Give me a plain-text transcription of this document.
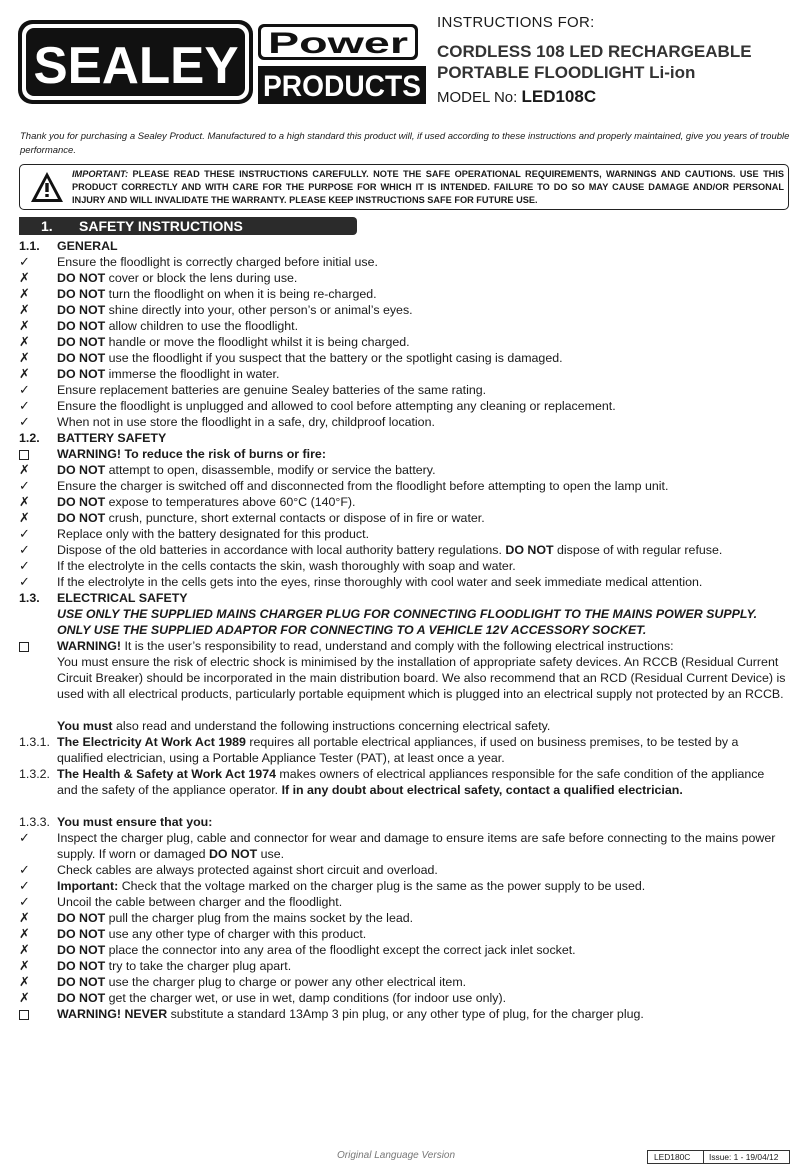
SEALEY Power
PRODUCTS
INSTRUCTIONS FOR:
CORDLESS 108 LED RECHARGEABLE
PORTABLE FLOODLIGHT Li-ion
MODEL No: LED108C
Thank you for purchasing a Sealey Product. Manufactured to a high standard this product will, if used according to these instructions and properly maintained, give you years of trouble performance.
IMPORTANT: PLEASE READ THESE INSTRUCTIONS CAREFULLY. NOTE THE SAFE OPERATIONAL REQUIREMENTS, WARNINGS AND CAUTIONS. USE THIS PRODUCT CORRECTLY AND WITH CARE FOR THE PURPOSE FOR WHICH IT IS INTENDED. FAILURE TO DO SO MAY CAUSE DAMAGE AND/OR PERSONAL INJURY AND WILL INVALIDATE THE WARRANTY. PLEASE KEEP INSTRUCTIONS SAFE FOR FUTURE USE.
1. SAFETY INSTRUCTIONS
1.1. GENERAL
✓ Ensure the floodlight is correctly charged before initial use.
✗ DO NOT cover or block the lens during use.
✗ DO NOT turn the floodlight on when it is being re-charged.
✗ DO NOT shine directly into your, other person’s or animal’s eyes.
✗ DO NOT allow children to use the floodlight.
✗ DO NOT handle or move the floodlight whilst it is being charged.
✗ DO NOT use the floodlight if you suspect that the battery or the spotlight casing is damaged.
✗ DO NOT immerse the floodlight in water.
✓ Ensure replacement batteries are genuine Sealey batteries of the same rating.
✓ Ensure the floodlight is unplugged and allowed to cool before attempting any cleaning or replacement.
✓ When not in use store the floodlight in a safe, dry, childproof location.
1.2. BATTERY SAFETY
WARNING! To reduce the risk of burns or fire:
✗ DO NOT attempt to open, disassemble, modify or service the battery.
✓ Ensure the charger is switched off and disconnected from the floodlight before attempting to open the lamp unit.
✗ DO NOT expose to temperatures above 60°C (140°F).
✗ DO NOT crush, puncture, short external contacts or dispose of in fire or water.
✓ Replace only with the battery designated for this product.
✓ Dispose of the old batteries in accordance with local authority battery regulations. DO NOT dispose of with regular refuse.
✓ If the electrolyte in the cells contacts the skin, wash thoroughly with soap and water.
✓ If the electrolyte in the cells gets into the eyes, rinse thoroughly with cool water and seek immediate medical attention.
1.3. ELECTRICAL SAFETY
USE ONLY THE SUPPLIED MAINS CHARGER PLUG FOR CONNECTING FLOODLIGHT TO THE MAINS POWER SUPPLY. ONLY USE THE SUPPLIED ADAPTOR FOR CONNECTING TO A VEHICLE 12V ACCESSORY SOCKET.
WARNING! It is the user’s responsibility to read, understand and comply with the following electrical instructions:
You must ensure the risk of electric shock is minimised by the installation of appropriate safety devices. An RCCB (Residual Current Circuit Breaker) should be incorporated in the main distribution board. We also recommend that an RCD (Residual Current Device) is used with all electrical products, particularly portable equipment which is plugged into an electrical supply not protected by an RCCB.
You must also read and understand the following instructions concerning electrical safety.
1.3.1. The Electricity At Work Act 1989 requires all portable electrical appliances, if used on business premises, to be tested by a qualified electrician, using a Portable Appliance Tester (PAT), at least once a year.
1.3.2. The Health & Safety at Work Act 1974 makes owners of electrical appliances responsible for the safe condition of the appliance and the safety of the appliance operator. If in any doubt about electrical safety, contact a qualified electrician.
1.3.3. You must ensure that you:
✓ Inspect the charger plug, cable and connector for wear and damage to ensure items are safe before connecting to the mains power supply. If worn or damaged DO NOT use.
✓ Check cables are always protected against short circuit and overload.
✓ Important: Check that the voltage marked on the charger plug is the same as the power supply to be used.
✓ Uncoil the cable between charger and the floodlight.
✗ DO NOT pull the charger plug from the mains socket by the lead.
✗ DO NOT use any other type of charger with this product.
✗ DO NOT place the connector into any area of the floodlight except the correct jack inlet socket.
✗ DO NOT try to take the charger plug apart.
✗ DO NOT use the charger plug to charge or power any other electrical item.
✗ DO NOT get the charger wet, or use in wet, damp conditions (for indoor use only).
WARNING! NEVER substitute a standard 13Amp 3 pin plug, or any other type of plug, for the charger plug.
Original Language Version	LED180C Issue: 1 - 19/04/12
